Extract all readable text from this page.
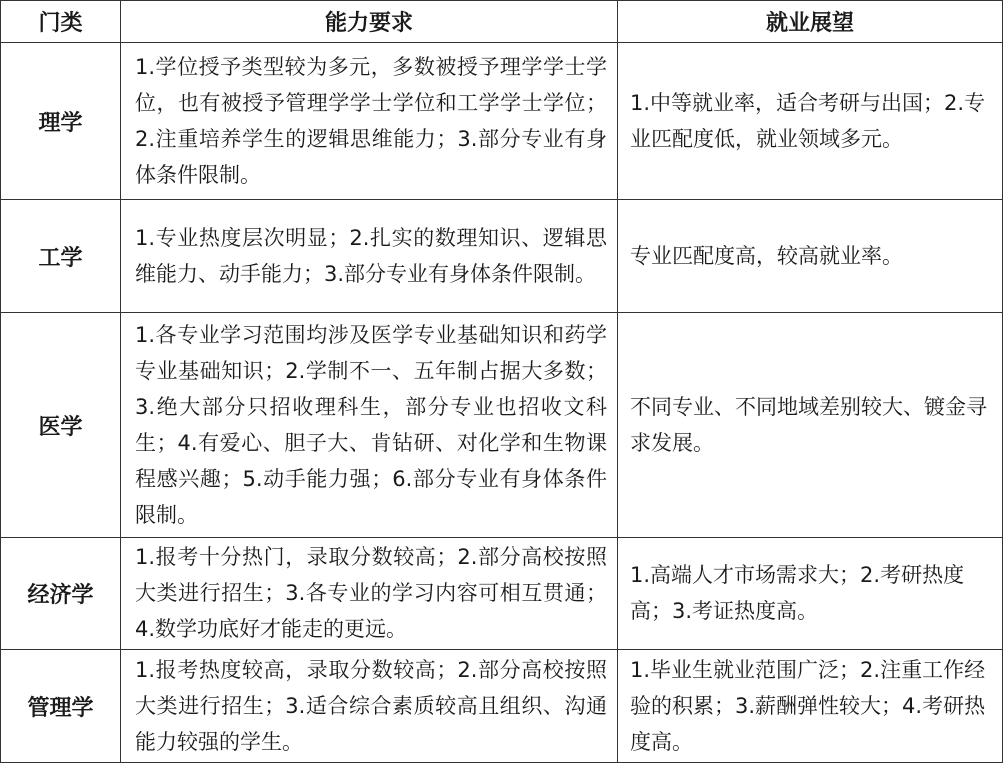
门类	能力要求	就业展望
理学	1.学位授予类型较为多元，多数被授予理学学士学位，也有被授予管理学学士学位和工学学士学位；2.注重培养学生的逻辑思维能力；3.部分专业有身体条件限制。	1.中等就业率，适合考研与出国；2.专业匹配度低，就业领域多元。

工学	1.专业热度层次明显；2.扎实的数理知识、逻辑思维能力、动手能力；3.部分专业有身体条件限制。	专业匹配度高，较高就业率。

医学	1.各专业学习范围均涉及医学专业基础知识和药学专业基础知识；2.学制不一、五年制占据大多数；3.绝大部分只招收理科生，部分专业也招收文科生；4.有爱心、胆子大、肯钻研、对化学和生物课程感兴趣；5.动手能力强；6.部分专业有身体条件限制。	不同专业、不同地域差别较大、镀金寻求发展。

经济学	1.报考十分热门，录取分数较高；2.部分高校按照大类进行招生；3.各专业的学习内容可相互贯通；4.数学功底好才能走的更远。	1.高端人才市场需求大；2.考研热度高；3.考证热度高。

管理学	1.报考热度较高，录取分数较高；2.部分高校按照大类进行招生；3.适合综合素质较高且组织、沟通能力较强的学生。	1.毕业生就业范围广泛；2.注重工作经验的积累；3.薪酬弹性较大；4.考研热度高。
